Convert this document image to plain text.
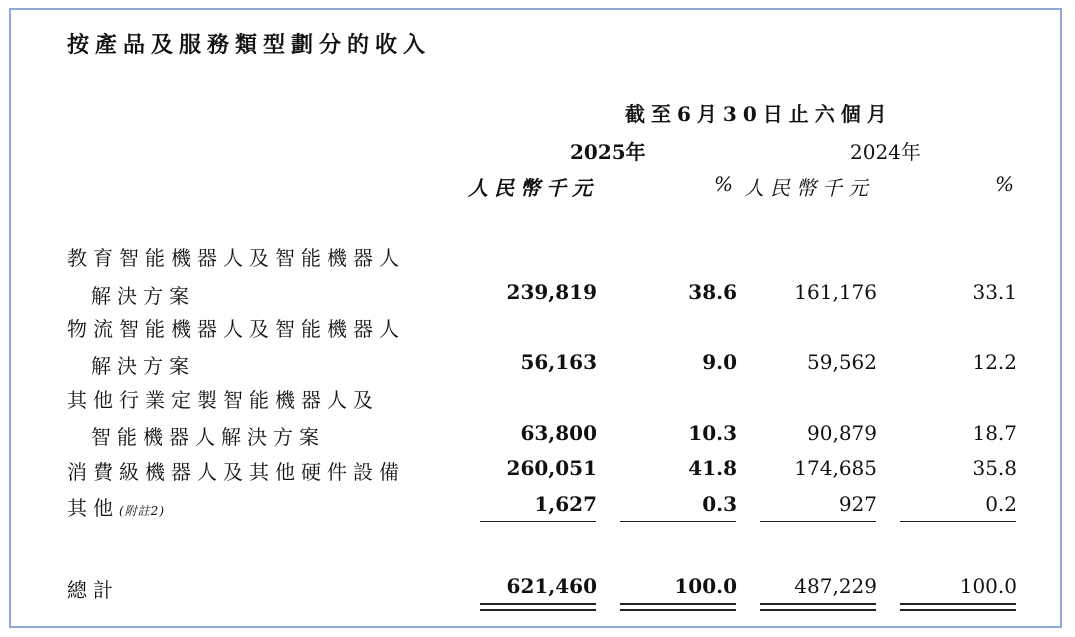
按產品及服務類型劃分的收入
截至6月30日止六個月
2025年	2024年
人民幣千元	% 人民幣千元	%
教育智能機器人及智能機器人
解決方案	239,819	38.6	161,176	33.1
物流智能機器人及智能機器人
解決方案	56,163	9.0	59,562	12.2
其他行業定製智能機器人及
智能機器人解決方案	63,800	10.3	90,879	18.7
消費級機器人及其他硬件設備	260,051	41.8	174,685	35.8
其他(附註2)	1,627	0.3	927	0.2
總計	621,460	100.0	487,229	100.0
